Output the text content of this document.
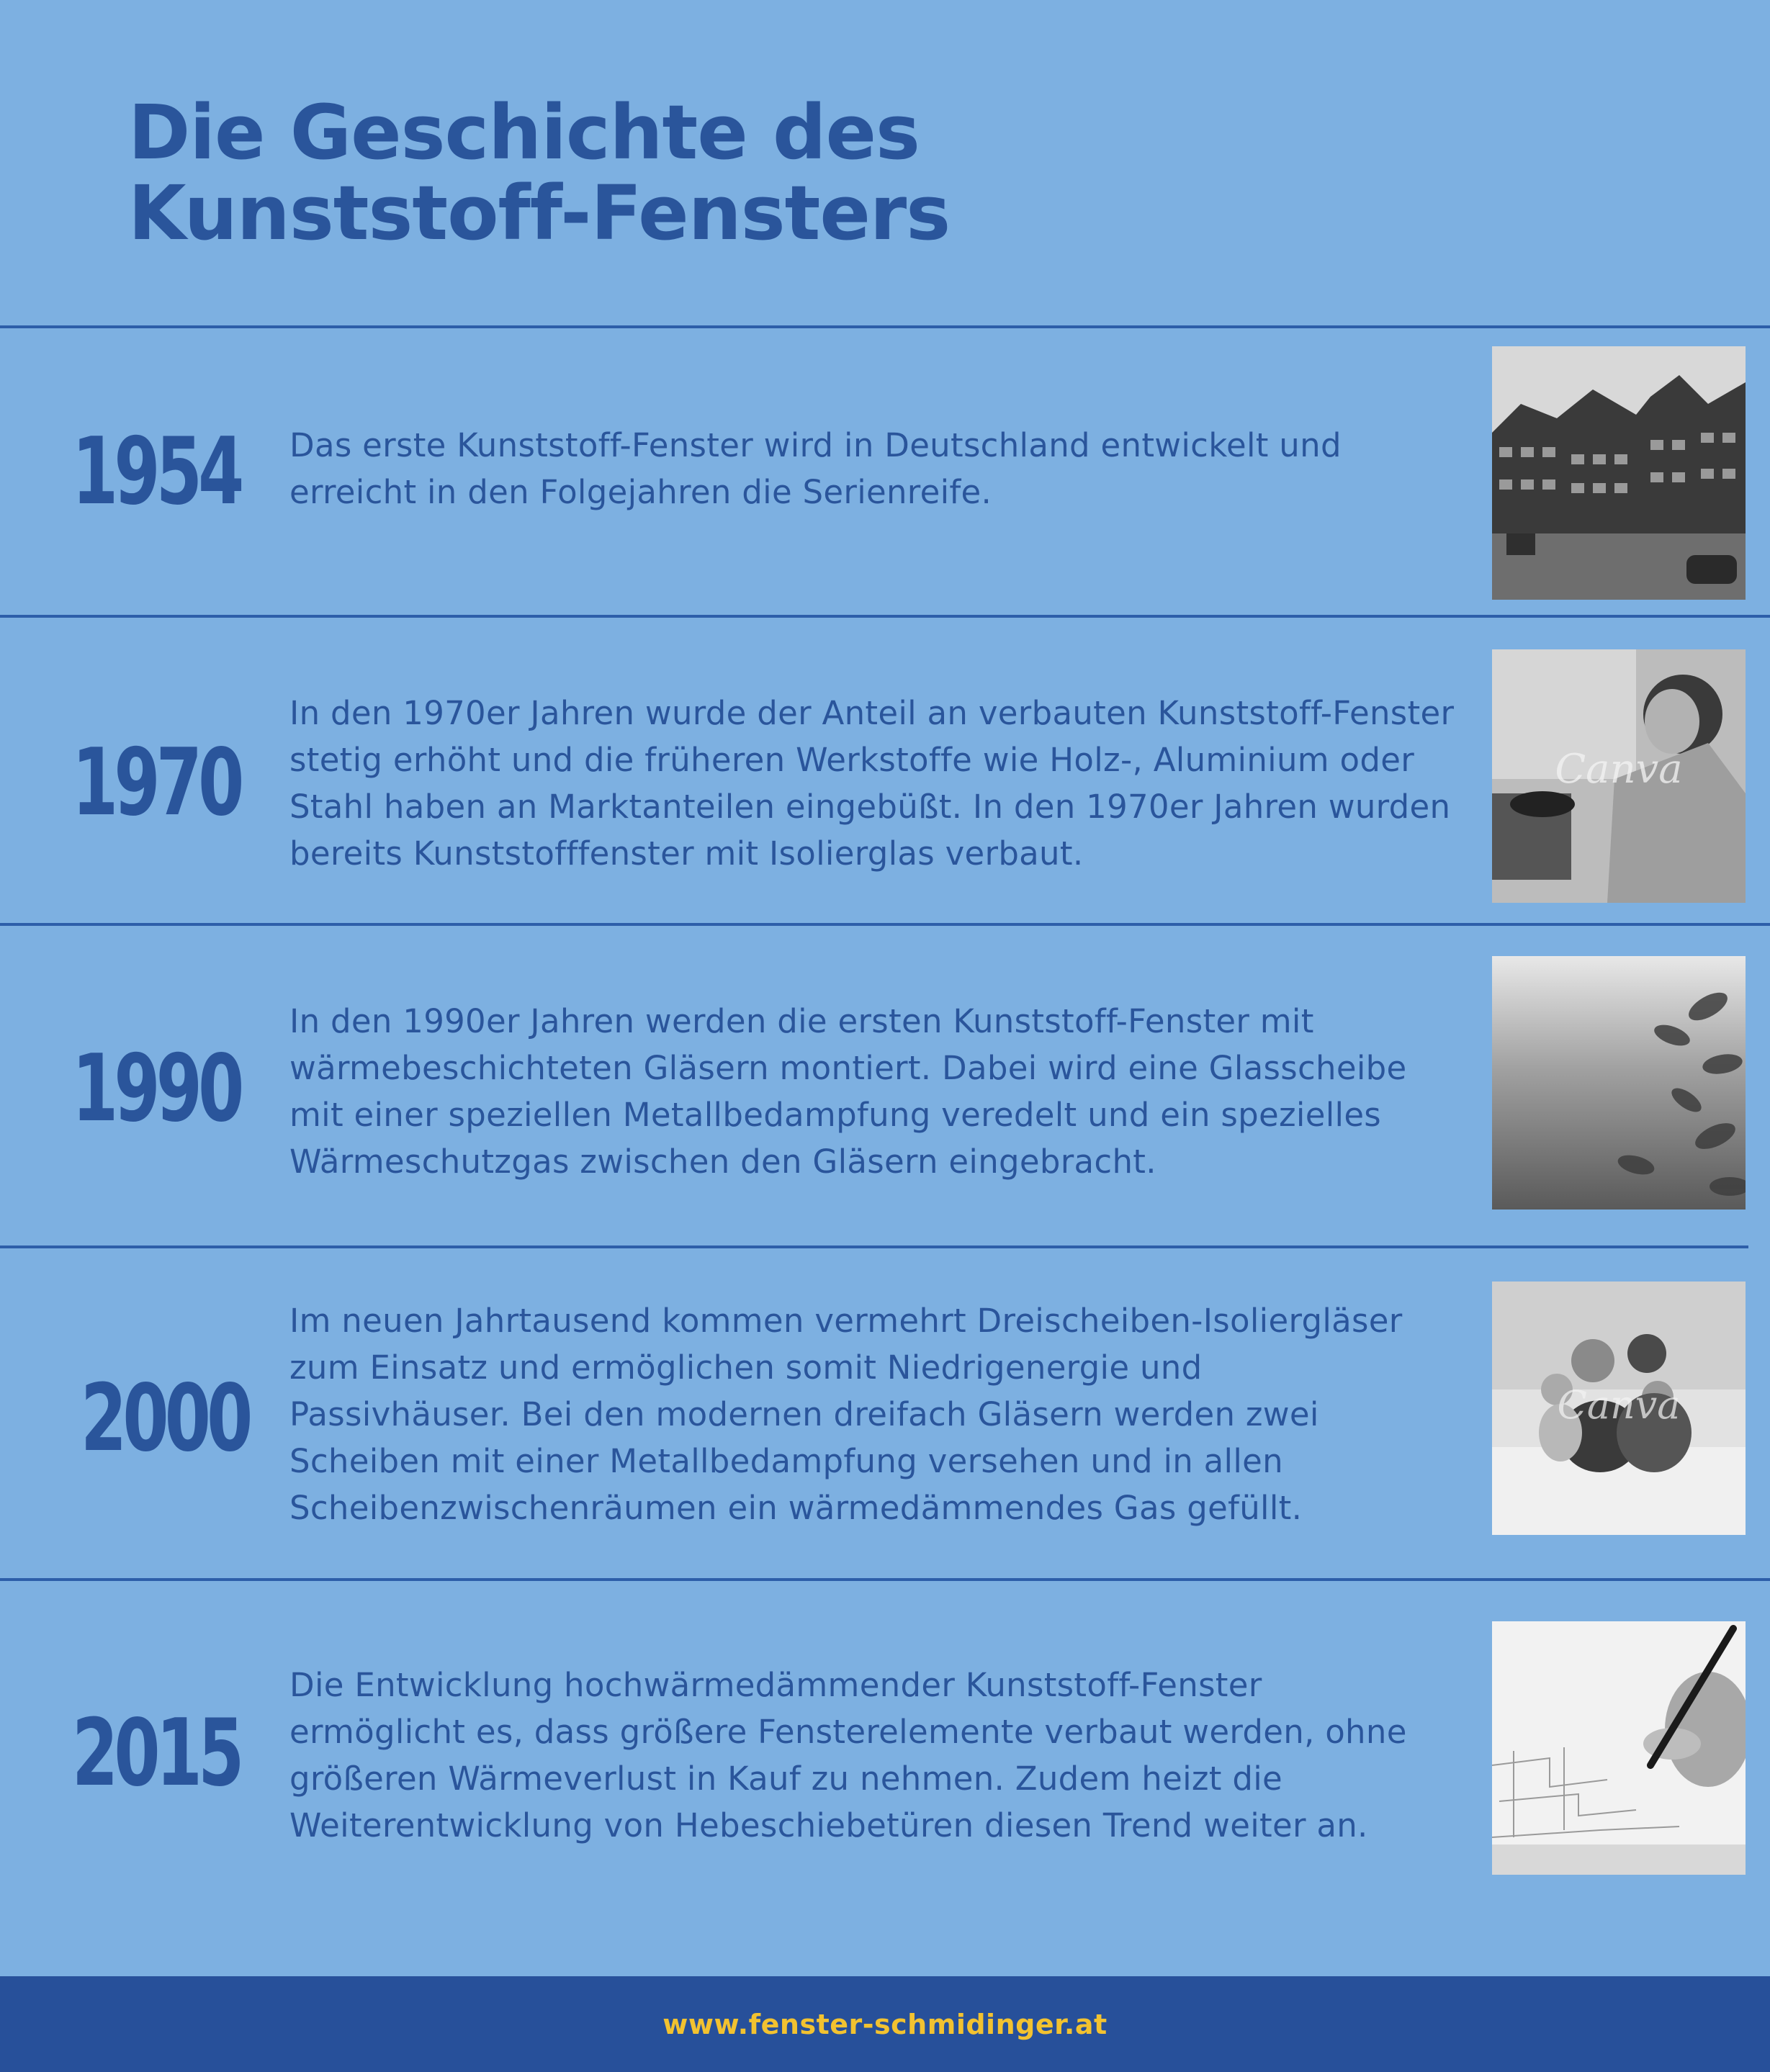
Die Geschichte des
Kunststoff-Fensters
1954 Das erste Kunststoff-Fenster wird in Deutschland entwickelt und
erreicht in den Folgejahren die Serienreife.

1970

In den 1970er Jahren wurde der Anteil an verbauten Kunststoff-Fenster
stetig erhöht und die früheren Werkstoffe wie Holz-, Aluminium oder
Stahl haben an Marktanteilen eingebüßt. In den 1970er Jahren wurden
bereits Kunststofffenster mit Isolierglas verbaut.

Canva
1990

In den 1990er Jahren werden die ersten Kunststoff-Fenster mit
wärmebeschichteten Gläsern montiert. Dabei wird eine Glasscheibe
mit einer speziellen Metallbedampfung veredelt und ein spezielles
Wärmeschutzgas zwischen den Gläsern eingebracht.

2000

Im neuen Jahrtausend kommen vermehrt Dreischeiben-Isoliergläser
zum Einsatz und ermöglichen somit Niedrigenergie und
Passivhäuser. Bei den modernen dreifach Gläsern werden zwei
Scheiben mit einer Metallbedampfung versehen und in allen
Scheibenzwischenräumen ein wärmedämmendes Gas gefüllt.

Canva
2015

Die Entwicklung hochwärmedämmender Kunststoff-Fenster
ermöglicht es, dass größere Fensterelemente verbaut werden, ohne
größeren Wärmeverlust in Kauf zu nehmen. Zudem heizt die
Weiterentwicklung von Hebeschiebetüren diesen Trend weiter an.

www.fenster-schmidinger.at
